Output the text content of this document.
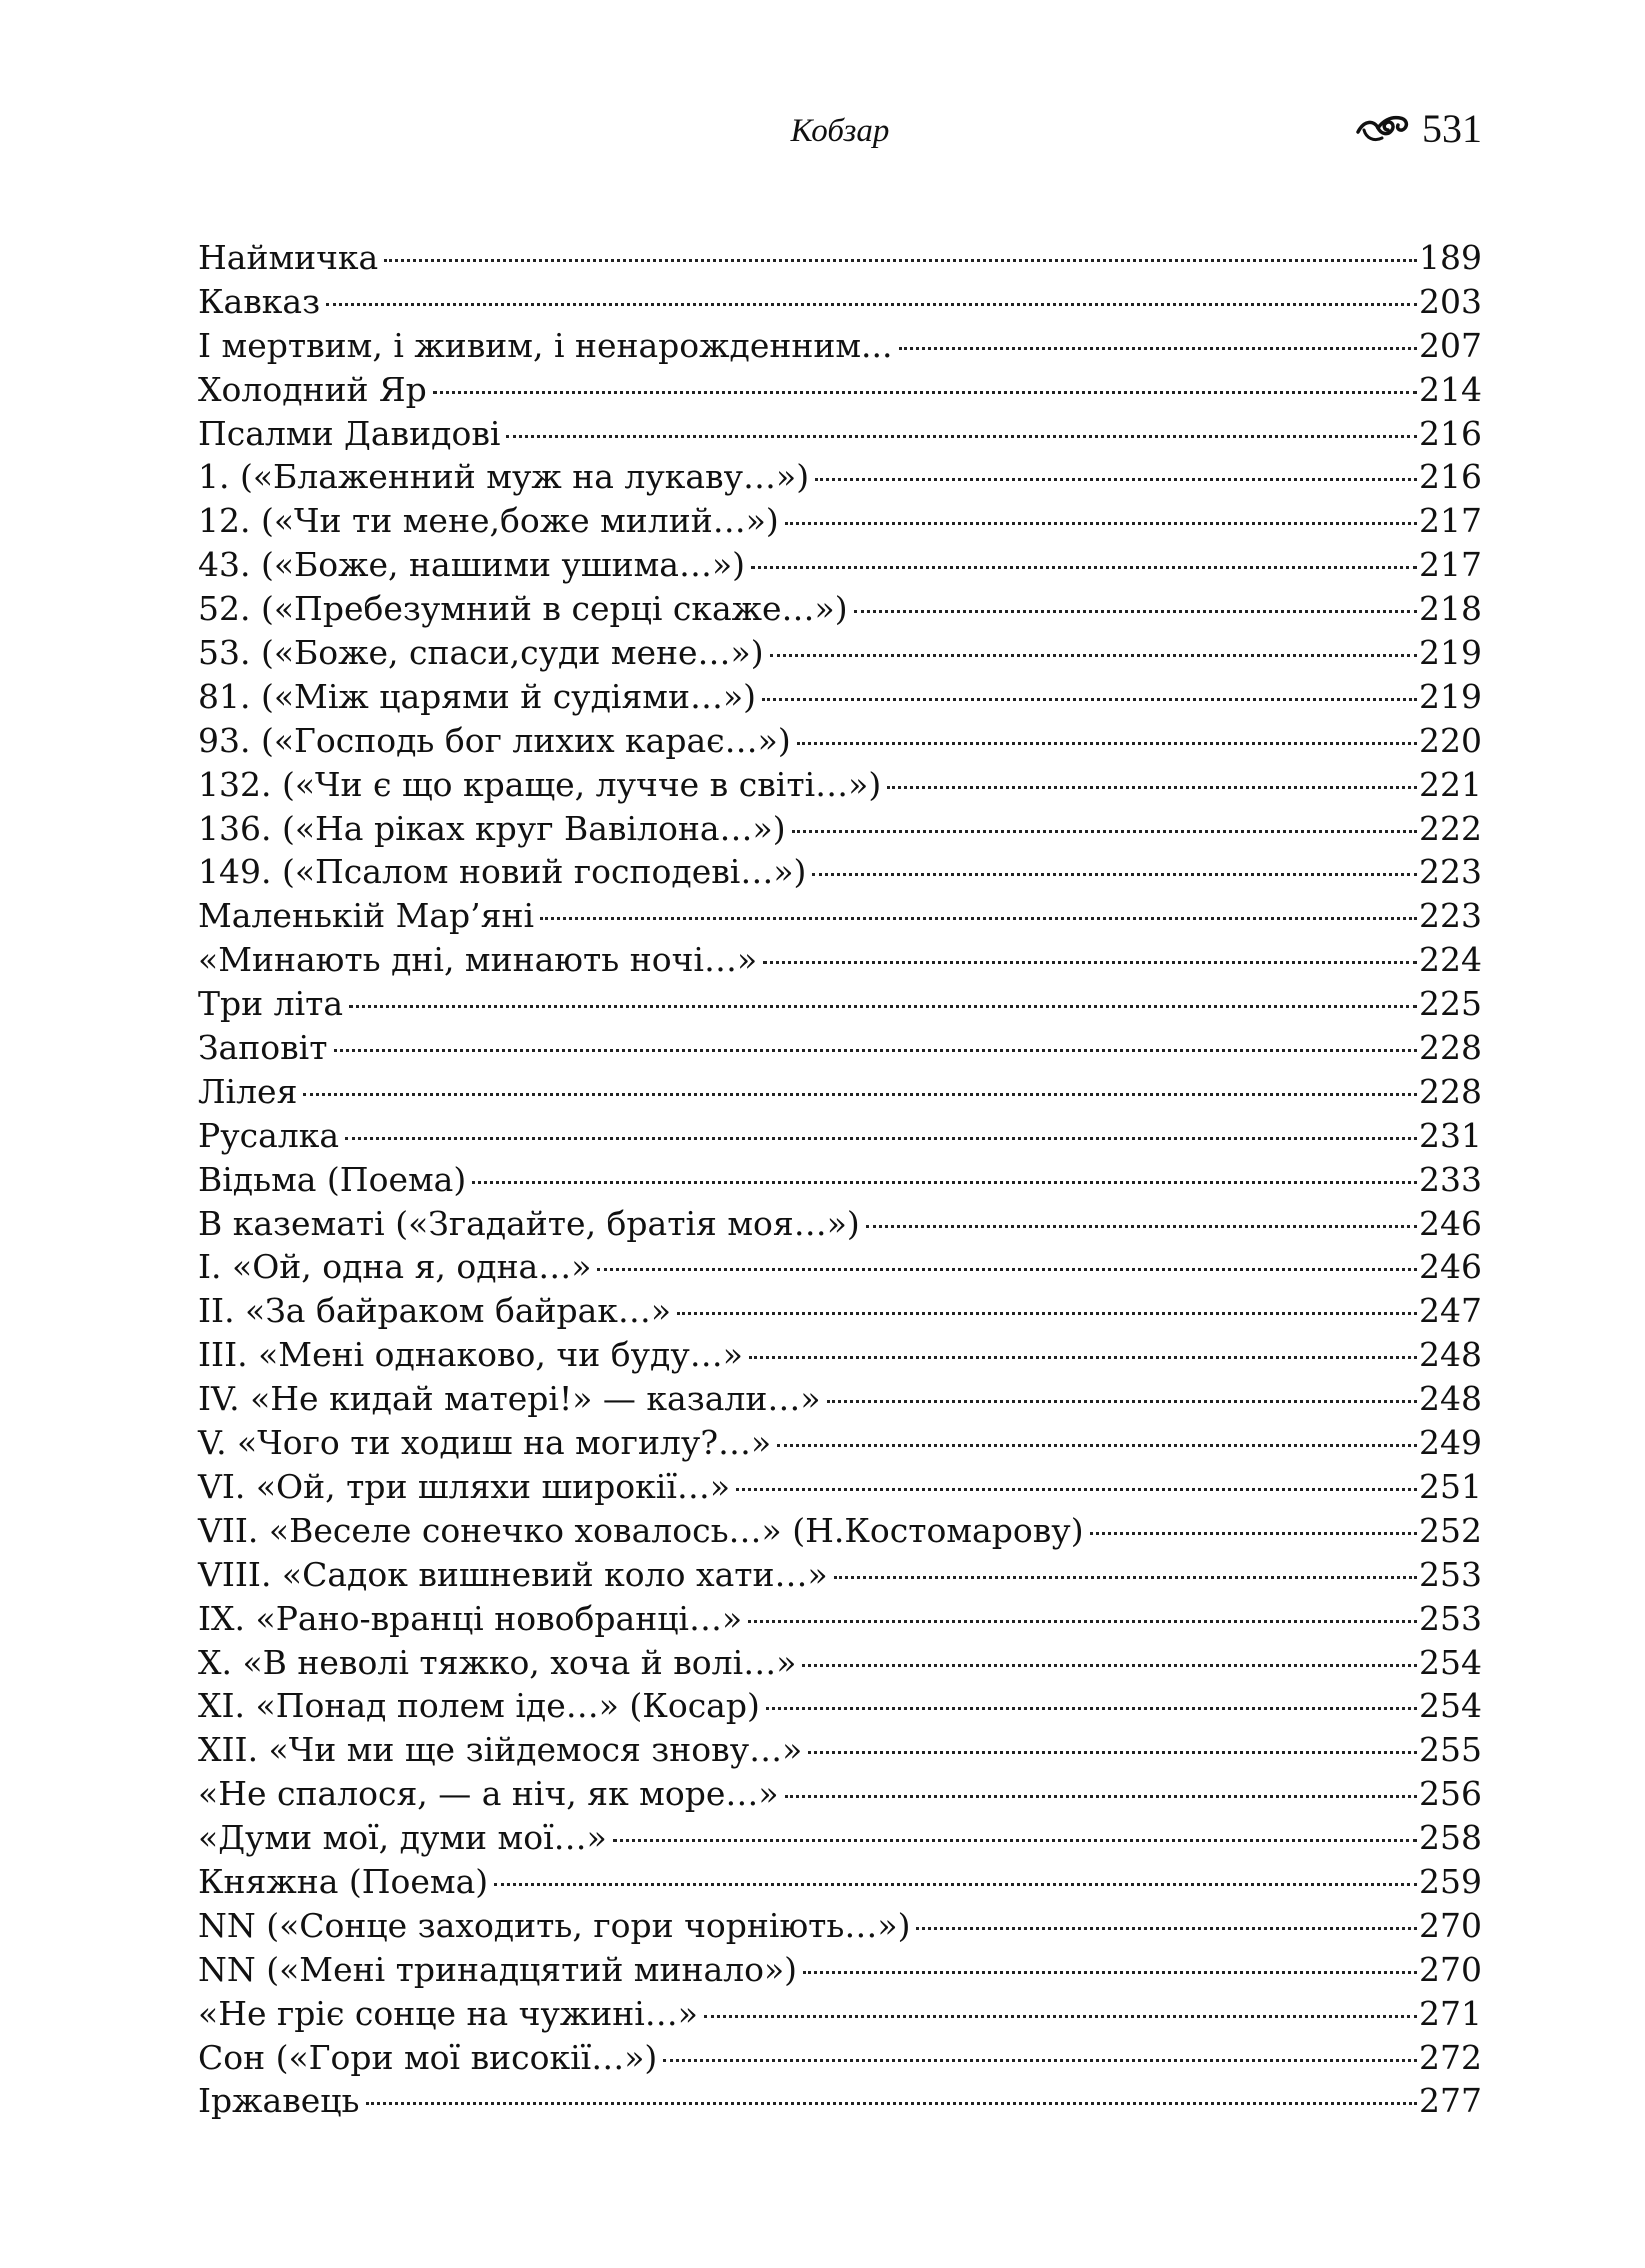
Кобзар	531
Наймичка	189
Кавказ	203
І мертвим, і живим, і ненарожденним...	207
Холодний Яр	214
Псалми Давидові	216
1. («Блаженний муж на лукаву…»)	216
12. («Чи ти мене,боже милий…»)	217
43. («Боже, нашими ушима…»)	217
52. («Пребезумний в серці скаже…»)	218
53. («Боже, спаси,суди мене…»)	219
81. («Між царями й судіями…»)	219
93. («Господь бог лихих карає…»)	220
132. («Чи є що краще, лучче в світі…»)	221
136. («На ріках круг Вавілона…»)	222
149. («Псалом новий господеві…»)	223
Маленькій Мар’яні	223
«Минають дні, минають ночі…»	224
Три літа	225
Заповіт	228
Лілея	228
Русалка	231
Відьма (Поема)	233
В казематі («Згадайте, братія моя…»)	246
I. «Ой, одна я, одна…»	246
II. «За байраком байрак…»	247
III. «Мені однаково, чи буду…»	248
IV. «Не кидай матері!» — казали…»	248
V. «Чого ти ходиш на могилу?…»	249
VI. «Ой, три шляхи широкії…»	251
VII. «Веселе сонечко ховалось…» (Н.Костомарову)	252
VIII. «Садок вишневий коло хати…»	253
IX. «Рано-вранці новобранці…»	253
X. «В неволі тяжко, хоча й волі…»	254
XI. «Понад полем іде…» (Косар)	254
XII. «Чи ми ще зійдемося знову…»	255
«Не спалося, — а ніч, як море…»	256
«Думи мої, думи мої…»	258
Княжна (Поема)	259
NN («Сонце заходить, гори чорніють…»)	270
NN («Мені тринадцятий минало»)	270
«Не гріє сонце на чужині…»	271
Сон («Гори мої високії…»)	272
Іржавець	277
